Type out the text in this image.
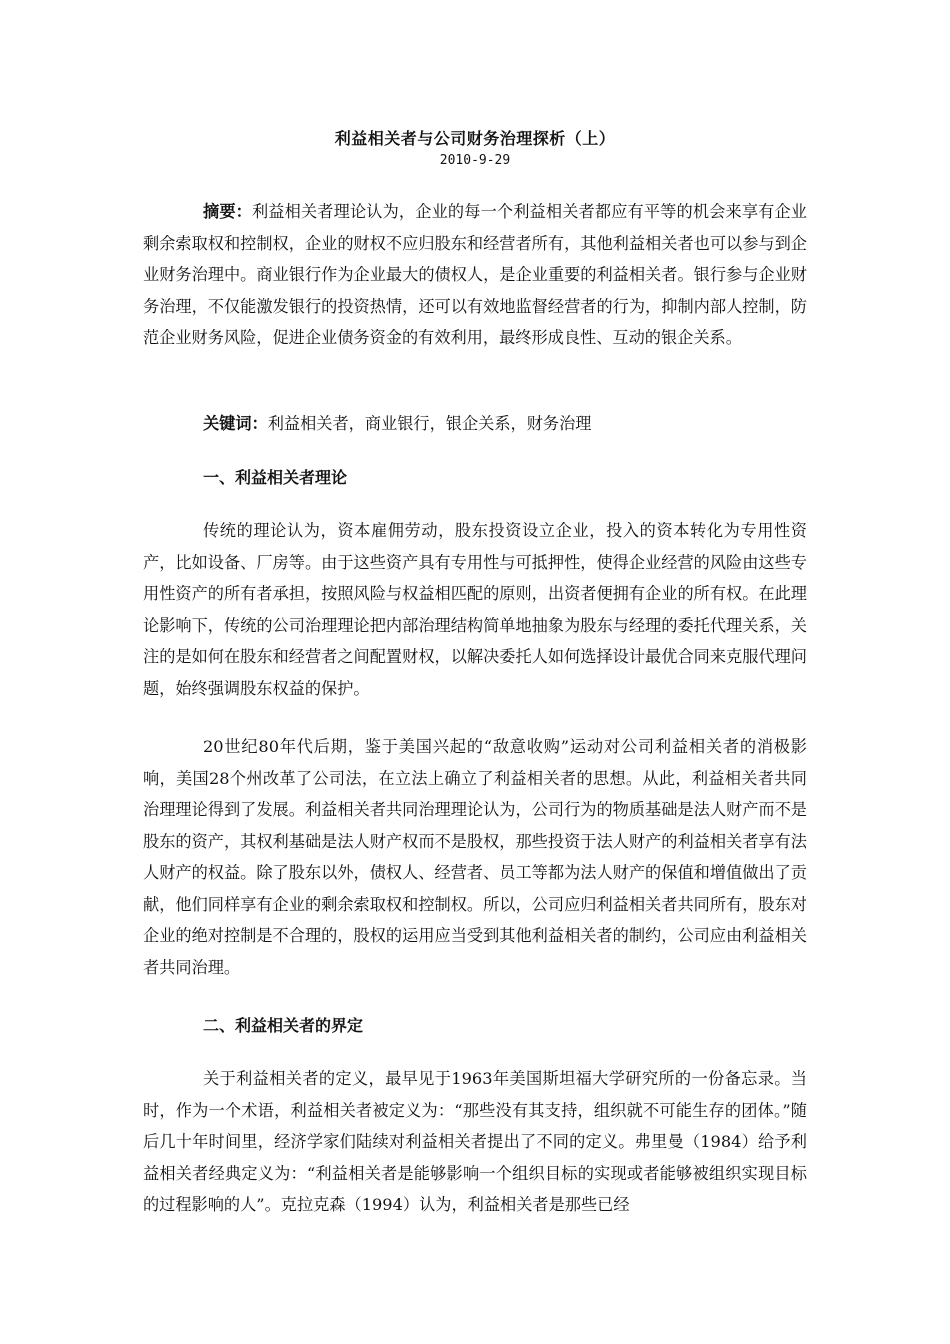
利益相关者与公司财务治理探析（上）
2010-9-29
摘要：利益相关者理论认为，企业的每一个利益相关者都应有平等的机会来享有企业剩余索取权和控制权，企业的财权不应归股东和经营者所有，其他利益相关者也可以参与到企业财务治理中。商业银行作为企业最大的债权人，是企业重要的利益相关者。银行参与企业财务治理，不仅能激发银行的投资热情，还可以有效地监督经营者的行为，抑制内部人控制，防范企业财务风险，促进企业债务资金的有效利用，最终形成良性、互动的银企关系。
关键词：利益相关者，商业银行，银企关系，财务治理
一、利益相关者理论
传统的理论认为，资本雇佣劳动，股东投资设立企业，投入的资本转化为专用性资产，比如设备、厂房等。由于这些资产具有专用性与可抵押性，使得企业经营的风险由这些专用性资产的所有者承担，按照风险与权益相匹配的原则，出资者便拥有企业的所有权。在此理论影响下，传统的公司治理理论把内部治理结构简单地抽象为股东与经理的委托代理关系，关注的是如何在股东和经营者之间配置财权，以解决委托人如何选择设计最优合同来克服代理问题，始终强调股东权益的保护。
20世纪80年代后期，鉴于美国兴起的“敌意收购”运动对公司利益相关者的消极影响，美国28个州改革了公司法，在立法上确立了利益相关者的思想。从此，利益相关者共同治理理论得到了发展。利益相关者共同治理理论认为，公司行为的物质基础是法人财产而不是股东的资产，其权利基础是法人财产权而不是股权，那些投资于法人财产的利益相关者享有法人财产的权益。除了股东以外，债权人、经营者、员工等都为法人财产的保值和增值做出了贡献，他们同样享有企业的剩余索取权和控制权。所以，公司应归利益相关者共同所有，股东对企业的绝对控制是不合理的，股权的运用应当受到其他利益相关者的制约，公司应由利益相关者共同治理。
二、利益相关者的界定
关于利益相关者的定义，最早见于1963年美国斯坦福大学研究所的一份备忘录。当时，作为一个术语，利益相关者被定义为：“那些没有其支持，组织就不可能生存的团体。”随后几十年时间里，经济学家们陆续对利益相关者提出了不同的定义。弗里曼（1984）给予利益相关者经典定义为：“利益相关者是能够影响一个组织目标的实现或者能够被组织实现目标的过程影响的人”。克拉克森（1994）认为，利益相关者是那些已经
